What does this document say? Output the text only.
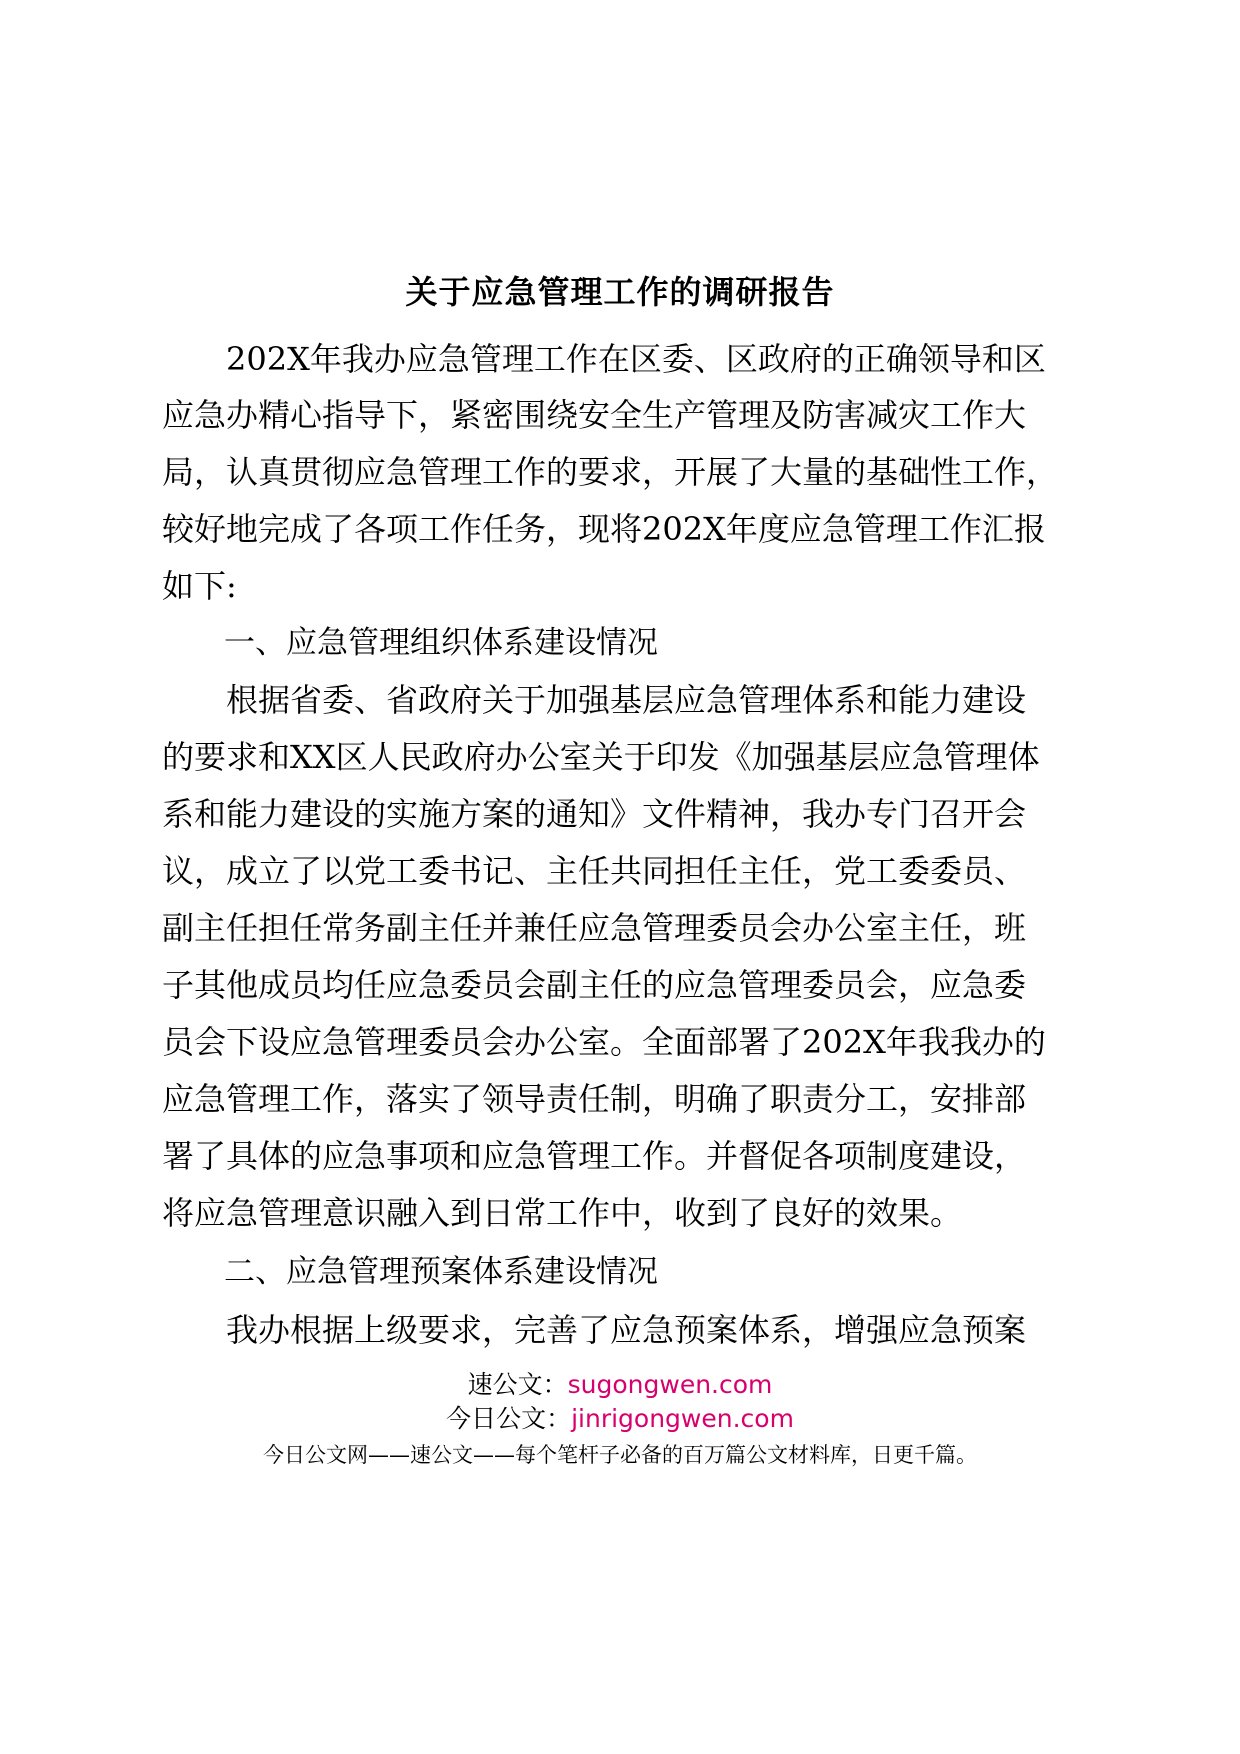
关于应急管理工作的调研报告
　　202X年我办应急管理工作在区委、区政府的正确领导和区
应急办精心指导下，紧密围绕安全生产管理及防害减灾工作大
局，认真贯彻应急管理工作的要求，开展了大量的基础性工作，
较好地完成了各项工作任务，现将202X年度应急管理工作汇报
如下:
　　一、应急管理组织体系建设情况
　　根据省委、省政府关于加强基层应急管理体系和能力建设
的要求和XX区人民政府办公室关于印发《加强基层应急管理体
系和能力建设的实施方案的通知》文件精神，我办专门召开会
议，成立了以党工委书记、主任共同担任主任，党工委委员、
副主任担任常务副主任并兼任应急管理委员会办公室主任，班
子其他成员均任应急委员会副主任的应急管理委员会，应急委
员会下设应急管理委员会办公室。全面部署了202X年我我办的
应急管理工作，落实了领导责任制，明确了职责分工，安排部
署了具体的应急事项和应急管理工作。并督促各项制度建设，
将应急管理意识融入到日常工作中，收到了良好的效果。
　　二、应急管理预案体系建设情况
　　我办根据上级要求，完善了应急预案体系，增强应急预案
速公文：sugongwen.com
今日公文：jinrigongwen.com
今日公文网——速公文——每个笔杆子必备的百万篇公文材料库，日更千篇。
